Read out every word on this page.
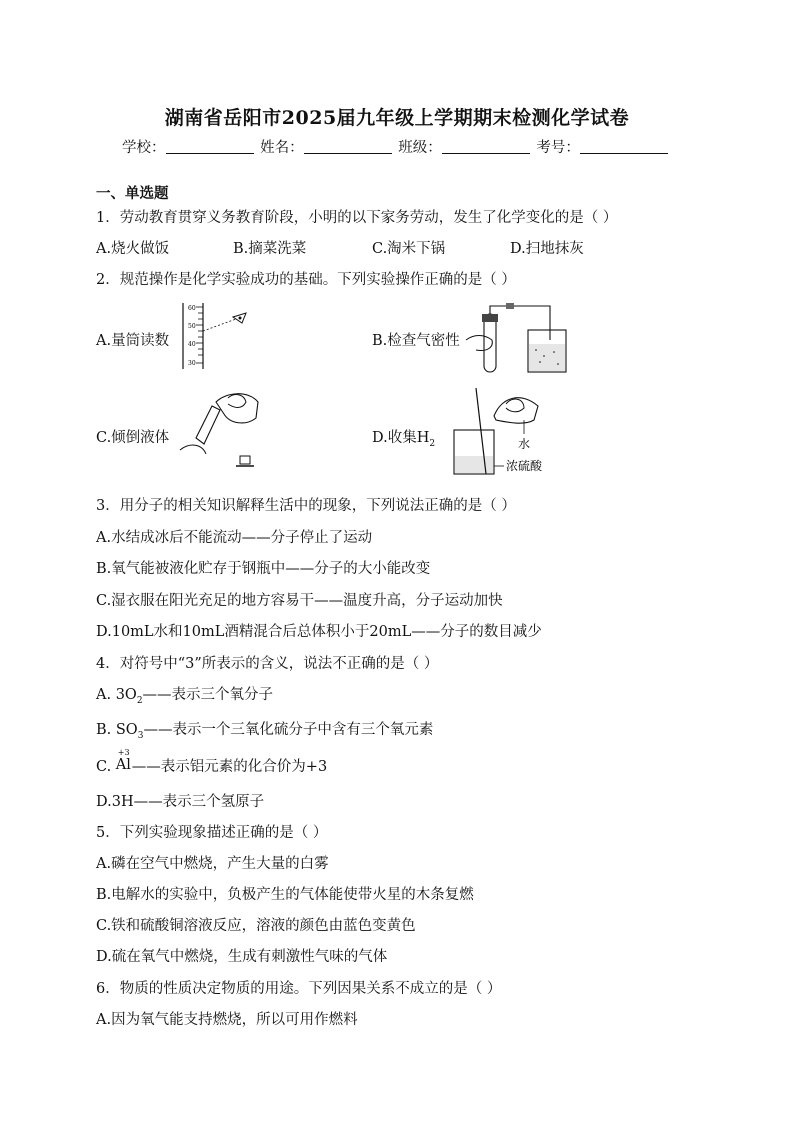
湖南省岳阳市2025届九年级上学期期末检测化学试卷
学校：	姓名：	班级：	考号：
一、单选题
1．劳动教育贯穿义务教育阶段，小明的以下家务劳动，发生了化学变化的是（ ）
A.烧火做饭	B.摘菜洗菜	C.淘米下锅	D.扫地抹灰
2．规范操作是化学实验成功的基础。下列实验操作正确的是（ ）
A.量筒读数
60
50
40
30
B.检查气密性
C.倾倒液体	D.收集$H_2$	水
浓硫酸
3．用分子的相关知识解释生活中的现象，下列说法正确的是（ ）
A.水结成冰后不能流动——分子停止了运动
B.氧气能被液化贮存于钢瓶中——分子的大小能改变
C.湿衣服在阳光充足的地方容易干——温度升高，分子运动加快
D.10mL水和10mL酒精混合后总体积小于20mL——分子的数目减少
4．对符号中“3”所表示的含义，说法不正确的是（ ）
A. $3O_2——$表示三个氧分子
B. $SO_3——$表示一个三氧化硫分子中含有三个氧元素
C.
+3
Al ——表示铝元素的化合价为+3
D.3H——表示三个氢原子
5．下列实验现象描述正确的是（ ）
A.磷在空气中燃烧，产生大量的白雾
B.电解水的实验中，负极产生的气体能使带火星的木条复燃
C.铁和硫酸铜溶液反应，溶液的颜色由蓝色变黄色
D.硫在氧气中燃烧，生成有刺激性气味的气体
6．物质的性质决定物质的用途。下列因果关系不成立的是（ ）
A.因为氧气能支持燃烧，所以可用作燃料
